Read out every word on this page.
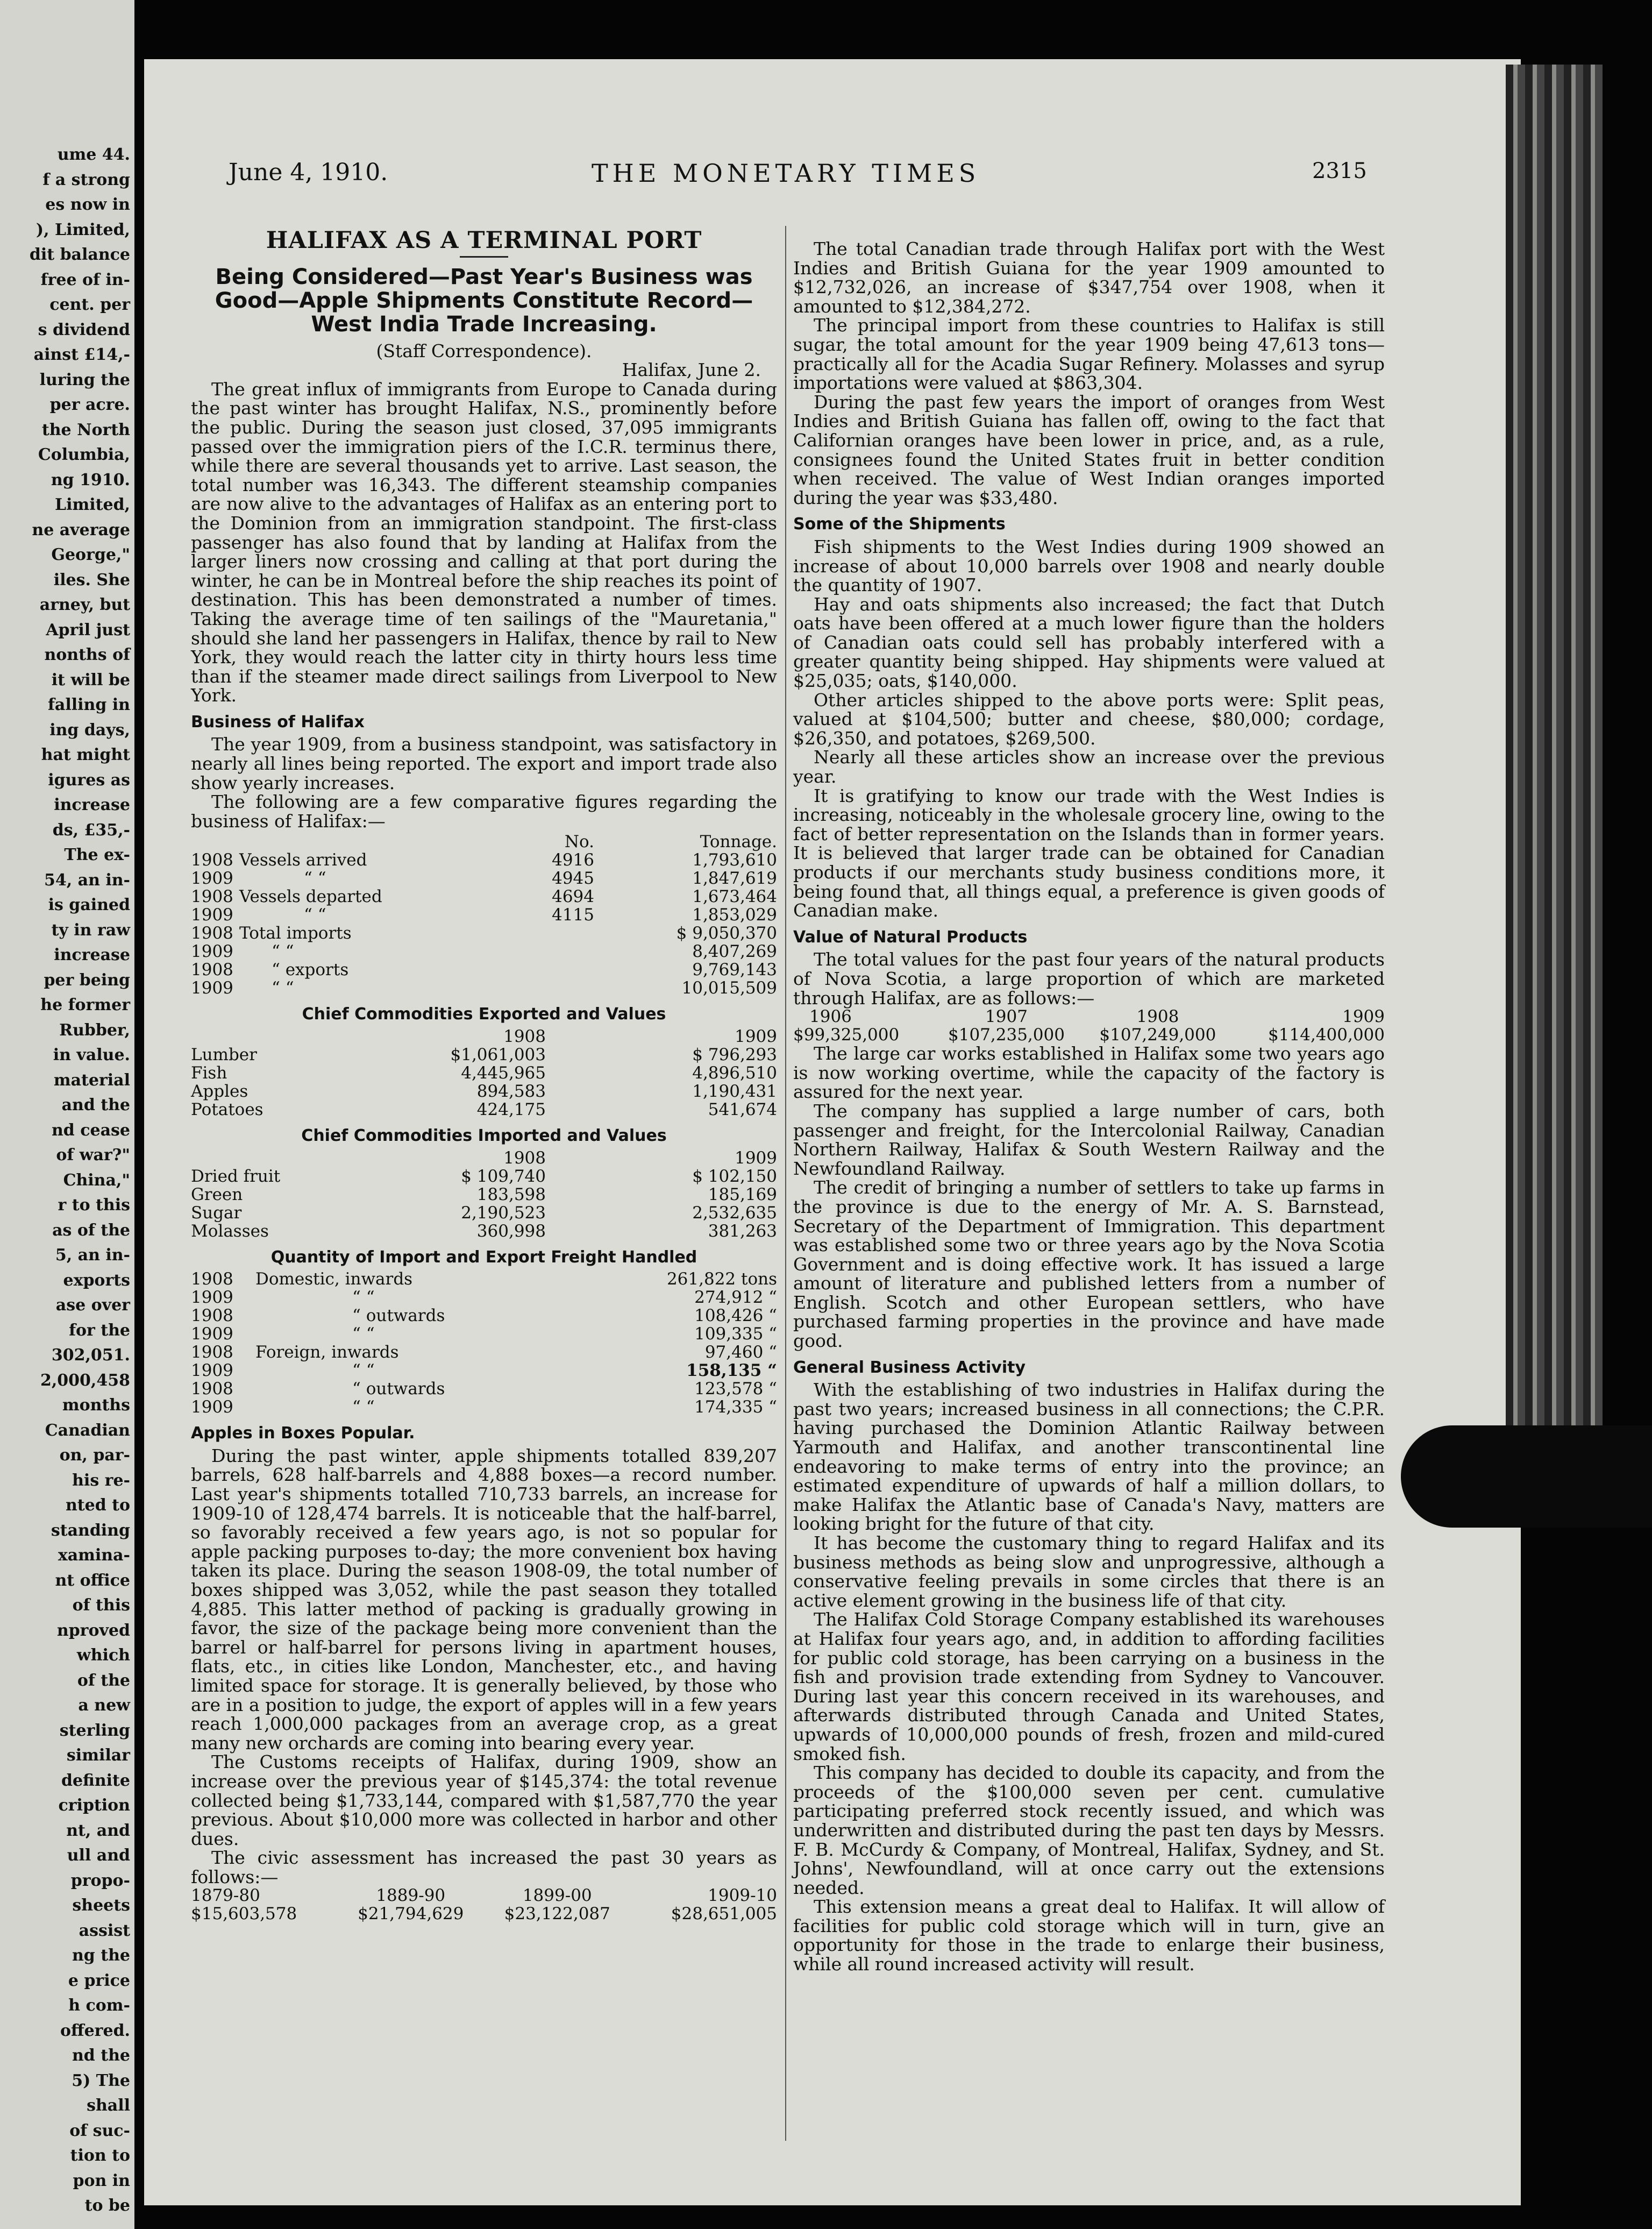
ume 44.
f a strong
es now in
), Limited,
dit balance
free of in-
cent. per
s dividend
ainst £14,-
luring the
per acre.
the North
Columbia,
ng 1910.
Limited,
ne average
George,"
iles. She
arney, but
April just
nonths of
it will be
falling in
ing days,
hat might
igures as
increase
ds, £35,-
The ex-
54, an in-
is gained
ty in raw
increase
per being
he former
Rubber,
in value.
material
and the
nd cease
of war?"
China,"
r to this
as of the
5, an in-
exports
ase over
for the
302,051.
2,000,458
months
Canadian
on, par-
his re-
nted to
standing
xamina-
nt office
of this
nproved
which
of the
a new
sterling
similar
definite
cription
nt, and
ull and
propo-
sheets
assist
ng the
e price
h com-
offered.
nd the
5) The
shall
of suc-
tion to
pon in
to be
June 4, 1910.	THE MONETARY TIMES	2315
HALIFAX AS A TERMINAL PORT
Being Considered—Past Year's Business was Good—Apple Shipments Constitute Record—West India Trade Increasing.
(Staff Correspondence).
Halifax, June 2.

The great influx of immigrants from Europe to Canada during the past winter has brought Halifax, N.S., prominently before the public. During the season just closed, 37,095 immigrants passed over the immigration piers of the I.C.R. terminus there, while there are several thousands yet to arrive. Last season, the total number was 16,343. The different steamship companies are now alive to the advantages of Halifax as an entering port to the Dominion from an immigration standpoint. The first-class passenger has also found that by landing at Halifax from the larger liners now crossing and calling at that port during the winter, he can be in Montreal before the ship reaches its point of destination. This has been demonstrated a number of times. Taking the average time of ten sailings of the "Mauretania," should she land her passengers in Halifax, thence by rail to New York, they would reach the latter city in thirty hours less time than if the steamer made direct sailings from Liverpool to New York.

Business of Halifax

The year 1909, from a business standpoint, was satisfactory in nearly all lines being reported. The export and import trade also show yearly increases.

The following are a few comparative figures regarding the business of Halifax:—

		No.	Tonnage.
1908	Vessels arrived	4916	1,793,610
1909	“ “	4945	1,847,619
1908	Vessels departed	4694	1,673,464
1909	“ “	4115	1,853,029
1908	Total imports		$ 9,050,370
1909	“ “		8,407,269
1908	“ exports		9,769,143
1909	“ “		10,015,509
Chief Commodities Exported and Values
	1908	1909
Lumber	$1,061,003	$ 796,293
Fish	4,445,965	4,896,510
Apples	894,583	1,190,431
Potatoes	424,175	541,674
Chief Commodities Imported and Values
	1908	1909
Dried fruit	$ 109,740	$ 102,150
Green	183,598	185,169
Sugar	2,190,523	2,532,635
Molasses	360,998	381,263
Quantity of Import and Export Freight Handled
1908	Domestic, inwards	261,822 tons
1909	“ “	274,912 “
1908	“ outwards	108,426 “
1909	“ “	109,335 “
1908	Foreign, inwards	97,460 “
1909	“ “	158,135 “
1908	“ outwards	123,578 “
1909	“ “	174,335 “
Apples in Boxes Popular.

During the past winter, apple shipments totalled 839,207 barrels, 628 half-barrels and 4,888 boxes—a record number. Last year's shipments totalled 710,733 barrels, an increase for 1909-10 of 128,474 barrels. It is noticeable that the half-barrel, so favorably received a few years ago, is not so popular for apple packing purposes to-day; the more convenient box having taken its place. During the season 1908-09, the total number of boxes shipped was 3,052, while the past season they totalled 4,885. This latter method of packing is gradually growing in favor, the size of the package being more convenient than the barrel or half-barrel for persons living in apartment houses, flats, etc., in cities like London, Manchester, etc., and having limited space for storage. It is generally believed, by those who are in a position to judge, the export of apples will in a few years reach 1,000,000 packages from an average crop, as a great many new orchards are coming into bearing every year.

The Customs receipts of Halifax, during 1909, show an increase over the previous year of $145,374: the total revenue collected being $1,733,144, compared with $1,587,770 the year previous. About $10,000 more was collected in harbor and other dues.

The civic assessment has increased the past 30 years as follows:—

1879-80	1889-90	1899-00	1909-10
$15,603,578	$21,794,629	$23,122,087	$28,651,005

The total Canadian trade through Halifax port with the West Indies and British Guiana for the year 1909 amounted to $12,732,026, an increase of $347,754 over 1908, when it amounted to $12,384,272.

The principal import from these countries to Halifax is still sugar, the total amount for the year 1909 being 47,613 tons—practically all for the Acadia Sugar Refinery. Molasses and syrup importations were valued at $863,304.

During the past few years the import of oranges from West Indies and British Guiana has fallen off, owing to the fact that Californian oranges have been lower in price, and, as a rule, consignees found the United States fruit in better condition when received. The value of West Indian oranges imported during the year was $33,480.

Some of the Shipments

Fish shipments to the West Indies during 1909 showed an increase of about 10,000 barrels over 1908 and nearly double the quantity of 1907.

Hay and oats shipments also increased; the fact that Dutch oats have been offered at a much lower figure than the holders of Canadian oats could sell has probably interfered with a greater quantity being shipped. Hay shipments were valued at $25,035; oats, $140,000.

Other articles shipped to the above ports were: Split peas, valued at $104,500; butter and cheese, $80,000; cordage, $26,350, and potatoes, $269,500.

Nearly all these articles show an increase over the previous year.

It is gratifying to know our trade with the West Indies is increasing, noticeably in the wholesale grocery line, owing to the fact of better representation on the Islands than in former years. It is believed that larger trade can be obtained for Canadian products if our merchants study business conditions more, it being found that, all things equal, a preference is given goods of Canadian make.

Value of Natural Products

The total values for the past four years of the natural products of Nova Scotia, a large proportion of which are marketed through Halifax, are as follows:—

1906	1907	1908	1909
$99,325,000	$107,235,000	$107,249,000	$114,400,000

The large car works established in Halifax some two years ago is now working overtime, while the capacity of the factory is assured for the next year.

The company has supplied a large number of cars, both passenger and freight, for the Intercolonial Railway, Canadian Northern Railway, Halifax & South Western Railway and the Newfoundland Railway.

The credit of bringing a number of settlers to take up farms in the province is due to the energy of Mr. A. S. Barnstead, Secretary of the Department of Immigration. This department was established some two or three years ago by the Nova Scotia Government and is doing effective work. It has issued a large amount of literature and published letters from a number of English. Scotch and other European settlers, who have purchased farming properties in the province and have made good.

General Business Activity

With the establishing of two industries in Halifax during the past two years; increased business in all connections; the C.P.R. having purchased the Dominion Atlantic Railway between Yarmouth and Halifax, and another transcontinental line endeavoring to make terms of entry into the province; an estimated expenditure of upwards of half a million dollars, to make Halifax the Atlantic base of Canada's Navy, matters are looking bright for the future of that city.

It has become the customary thing to regard Halifax and its business methods as being slow and unprogressive, although a conservative feeling prevails in some circles that there is an active element growing in the business life of that city.

The Halifax Cold Storage Company established its warehouses at Halifax four years ago, and, in addition to affording facilities for public cold storage, has been carrying on a business in the fish and provision trade extending from Sydney to Vancouver. During last year this concern received in its warehouses, and afterwards distributed through Canada and United States, upwards of 10,000,000 pounds of fresh, frozen and mild-cured smoked fish.

This company has decided to double its capacity, and from the proceeds of the $100,000 seven per cent. cumulative participating preferred stock recently issued, and which was underwritten and distributed during the past ten days by Messrs. F. B. McCurdy & Company, of Montreal, Halifax, Sydney, and St. Johns', Newfoundland, will at once carry out the extensions needed.

This extension means a great deal to Halifax. It will allow of facilities for public cold storage which will in turn, give an opportunity for those in the trade to enlarge their business, while all round increased activity will result.
